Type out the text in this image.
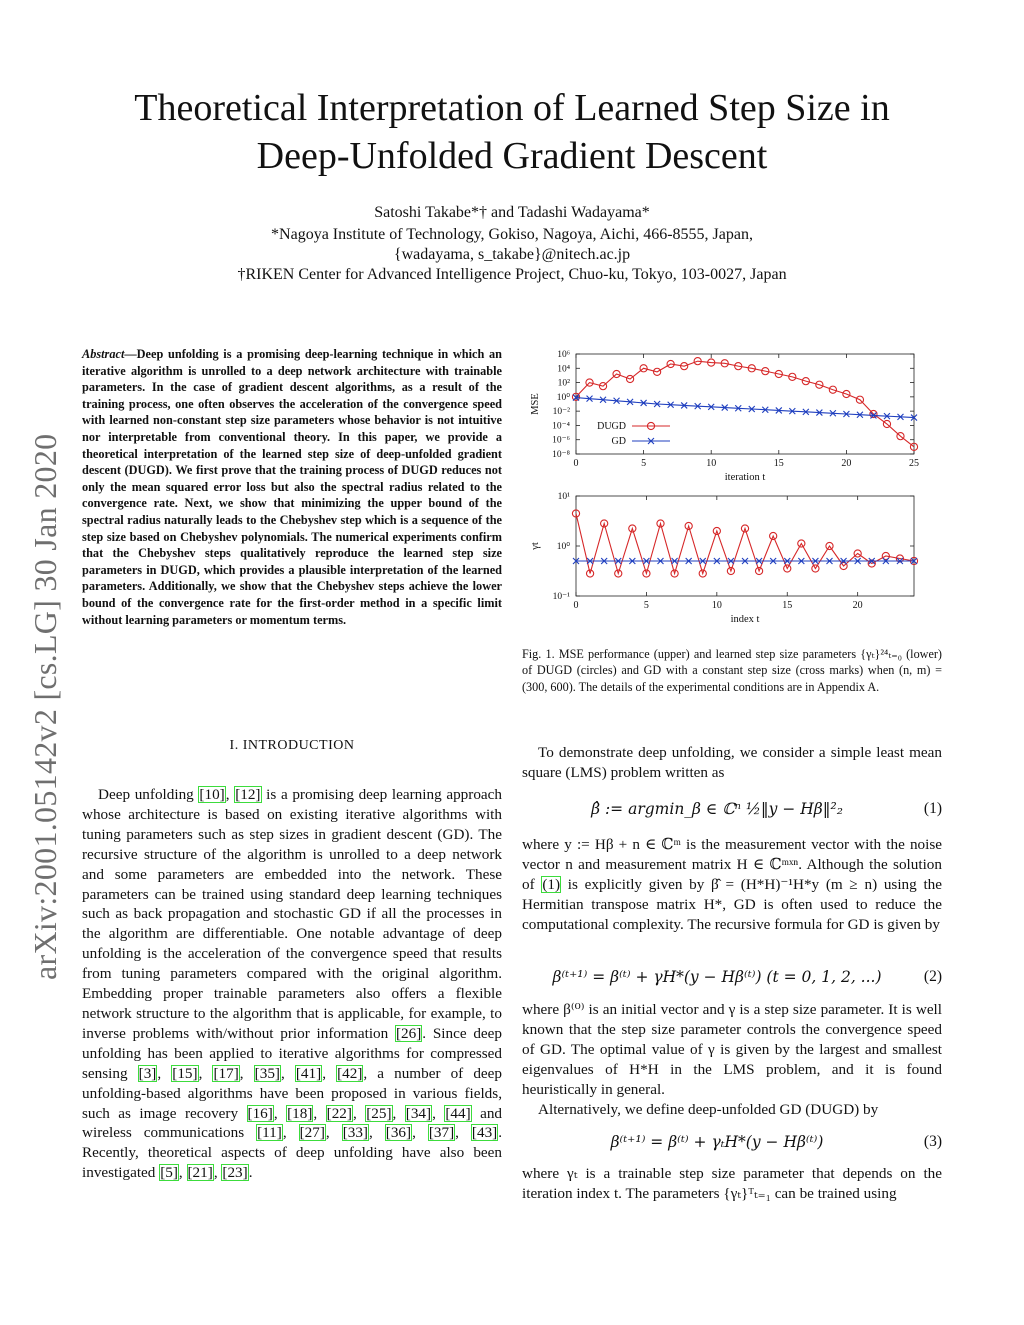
arXiv:2001.05142v2 [cs.LG] 30 Jan 2020
Theoretical Interpretation of Learned Step Size in
Deep-Unfolded Gradient Descent
Satoshi Takabe*† and Tadashi Wadayama*
*Nagoya Institute of Technology, Gokiso, Nagoya, Aichi, 466-8555, Japan,
{wadayama, s_takabe}@nitech.ac.jp
†RIKEN Center for Advanced Intelligence Project, Chuo-ku, Tokyo, 103-0027, Japan
Abstract—Deep unfolding is a promising deep-learning technique in which an iterative algorithm is unrolled to a deep network architecture with trainable parameters. In the case of gradient descent algorithms, as a result of the training process, one often observes the acceleration of the convergence speed with learned non-constant step size parameters whose behavior is not intuitive nor interpretable from conventional theory. In this paper, we provide a theoretical interpretation of the learned step size of deep-unfolded gradient descent (DUGD). We first prove that the training process of DUGD reduces not only the mean squared error loss but also the spectral radius related to the convergence rate. Next, we show that minimizing the upper bound of the spectral radius naturally leads to the Chebyshev step which is a sequence of the step size based on Chebyshev polynomials. The numerical experiments confirm that the Chebyshev steps qualitatively reproduce the learned step size parameters in DUGD, which provides a plausible interpretation of the learned parameters. Additionally, we show that the Chebyshev steps achieve the lower bound of the convergence rate for the first-order method in a specific limit without learning parameters or momentum terms.
I. INTRODUCTION

Deep unfolding [10], [12] is a promising deep learning approach whose architecture is based on existing iterative algorithms with tuning parameters such as step sizes in gradient descent (GD). The recursive structure of the algorithm is unrolled to a deep network and some parameters are embedded into the network. These parameters can be trained using standard deep learning techniques such as back propagation and stochastic GD if all the processes in the algorithm are differentiable. One notable advantage of deep unfolding is the acceleration of the convergence speed that results from tuning parameters compared with the original algorithm. Embedding proper trainable parameters also offers a flexible network structure to the algorithm that is applicable, for example, to inverse problems with/without prior information [26]. Since deep unfolding has been applied to iterative algorithms for compressed sensing [3], [15], [17], [35], [41], [42], a number of deep unfolding-based algorithms have been proposed in various fields, such as image recovery [16], [18], [22], [25], [34], [44] and wireless communications [11], [27], [33], [36], [37], [43]. Recently, theoretical aspects of deep unfolding have also been investigated [5], [21], [23].

0	5	10	15	20	25
10⁻⁸
10⁻⁶
10⁻⁴
10⁻²
10⁰
10²
10⁴
10⁶
iteration t
MSE
DUGD
GD
0	5	10	15	20
10⁻¹
10⁰
10¹
index t
γt
Fig. 1. MSE performance (upper) and learned step size parameters {γₜ}²⁴ₜ₌₀ (lower) of DUGD (circles) and GD with a constant step size (cross marks) when (n, m) = (300, 600). The details of the experimental conditions are in Appendix A.

To demonstrate deep unfolding, we consider a simple least mean square (LMS) problem written as

β̂ := argmin_β ∈ ℂⁿ ½‖y − Hβ‖²₂	(1)

where y := Hβ + n ∈ ℂᵐ is the measurement vector with the noise vector n and measurement matrix H ∈ ℂᵐˣⁿ. Although the solution of (1) is explicitly given by β̂ = (H*H)⁻¹H*y (m ≥ n) using the Hermitian transpose matrix H*, GD is often used to reduce the computational complexity. The recursive formula for GD is given by

β⁽ᵗ⁺¹⁾ = β⁽ᵗ⁾ + γH*(y − Hβ⁽ᵗ⁾) (t = 0, 1, 2, ...)	(2)

where β⁽⁰⁾ is an initial vector and γ is a step size parameter. It is well known that the step size parameter controls the convergence speed of GD. The optimal value of γ is given by the largest and smallest eigenvalues of H*H in the LMS problem, and it is found heuristically in general.

Alternatively, we define deep-unfolded GD (DUGD) by

β⁽ᵗ⁺¹⁾ = β⁽ᵗ⁾ + γₜH*(y − Hβ⁽ᵗ⁾)	(3)

where γₜ is a trainable step size parameter that depends on the iteration index t. The parameters {γₜ}ᵀₜ₌₁ can be trained using
